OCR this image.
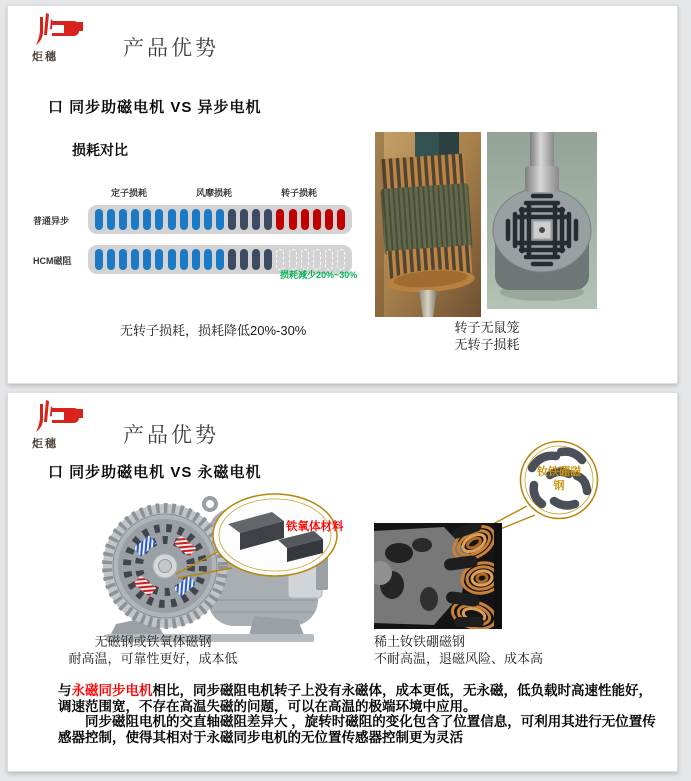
炬穗	产品优势
口 同步助磁电机 VS 异步电机
损耗对比
定子损耗	风摩损耗	转子损耗
普通异步
HCM磁阻
损耗减少20%~30%
无转子损耗，损耗降低20%-30%	转子无鼠笼
无转子损耗
炬穗	产品优势
口 同步助磁电机 VS 永磁电机	钕铁硼磁钢
铁氧体材料
无磁钢或铁氧体磁钢
耐高温，可靠性更好，成本低
稀土钕铁硼磁钢
不耐高温，退磁风险、成本高
与永磁同步电机相比，同步磁阻电机转子上没有永磁体，成本更低，无永磁，低负载时高速性能好，调速范围宽，不存在高温失磁的问题，可以在高温的极端环境中应用。
　　同步磁阻电机的交直轴磁阻差异大 ，旋转时磁阻的变化包含了位置信息，可利用其进行无位置传感器控制，使得其相对于永磁同步电机的无位置传感器控制更为灵活
